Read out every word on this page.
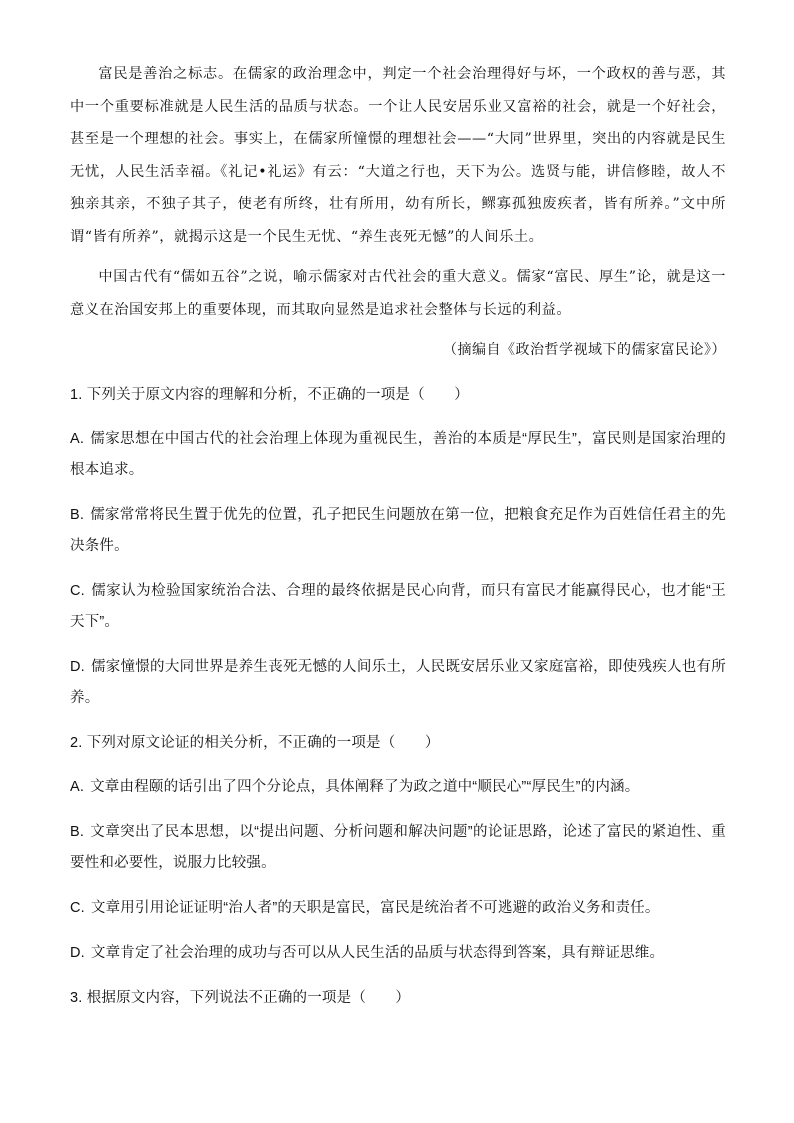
富民是善治之标志。在儒家的政治理念中，判定一个社会治理得好与坏，一个政权的善与恶，其中一个重要标准就是人民生活的品质与状态。一个让人民安居乐业又富裕的社会，就是一个好社会，甚至是一个理想的社会。事实上，在儒家所憧憬的理想社会——“大同”世界里，突出的内容就是民生无忧，人民生活幸福。《礼记•礼运》有云：“大道之行也，天下为公。选贤与能，讲信修睦，故人不独亲其亲，不独子其子，使老有所终，壮有所用，幼有所长，鳏寡孤独废疾者，皆有所养。”文中所谓“皆有所养”，就揭示这是一个民生无忧、“养生丧死无憾”的人间乐土。

中国古代有“儒如五谷”之说，喻示儒家对古代社会的重大意义。儒家“富民、厚生”论，就是这一意义在治国安邦上的重要体现，而其取向显然是追求社会整体与长远的利益。

（摘编自《政治哲学视域下的儒家富民论》）

1. 下列关于原文内容的理解和分析，不正确的一项是（　　）

A. 儒家思想在中国古代的社会治理上体现为重视民生，善治的本质是“厚民生”，富民则是国家治理的根本追求。

B. 儒家常常将民生置于优先的位置，孔子把民生问题放在第一位，把粮食充足作为百姓信任君主的先决条件。

C. 儒家认为检验国家统治合法、合理的最终依据是民心向背，而只有富民才能赢得民心，也才能“王天下”。

D. 儒家憧憬的大同世界是养生丧死无憾的人间乐土，人民既安居乐业又家庭富裕，即使残疾人也有所养。

2. 下列对原文论证的相关分析，不正确的一项是（　　）

A. 文章由程颐的话引出了四个分论点，具体阐释了为政之道中“顺民心”“厚民生”的内涵。

B. 文章突出了民本思想，以“提出问题、分析问题和解决问题”的论证思路，论述了富民的紧迫性、重要性和必要性，说服力比较强。

C. 文章用引用论证证明“治人者”的天职是富民，富民是统治者不可逃避的政治义务和责任。

D. 文章肯定了社会治理的成功与否可以从人民生活的品质与状态得到答案，具有辩证思维。

3. 根据原文内容，下列说法不正确的一项是（　　）
